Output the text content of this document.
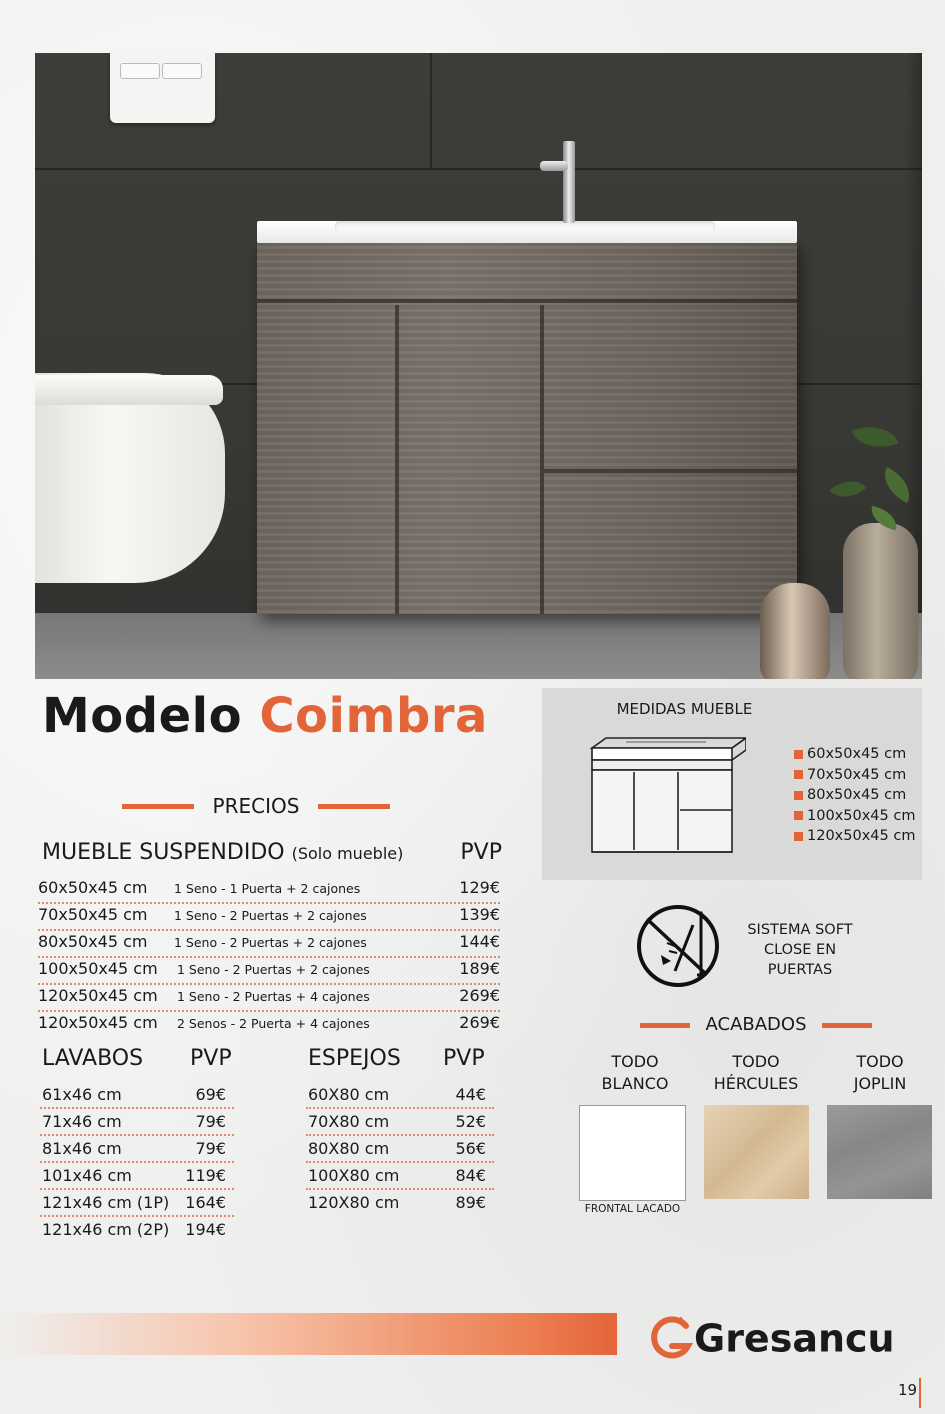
Modelo Coimbra
PRECIOS
MUEBLE SUSPENDIDO (Solo mueble)	PVP
60x50x45 cm 1 Seno - 1 Puerta + 2 cajones	129€
70x50x45 cm 1 Seno - 2 Puertas + 2 cajones	139€
80x50x45 cm 1 Seno - 2 Puertas + 2 cajones	144€
100x50x45 cm 1 Seno - 2 Puertas + 2 cajones	189€
120x50x45 cm 1 Seno - 2 Puertas + 4 cajones	269€
120x50x45 cm 2 Senos - 2 Puerta + 4 cajones	269€
LAVABOS PVP
61x46 cm	69€
71x46 cm	79€
81x46 cm	79€
101x46 cm	119€
121x46 cm (1P) 164€
121x46 cm (2P) 194€
ESPEJOS PVP
60X80 cm	44€
70X80 cm	52€
80X80 cm	56€
100X80 cm	84€
120X80 cm	89€
MEDIDAS MUEBLE
60x50x45 cm
70x50x45 cm
80x50x45 cm
100x50x45 cm
120x50x45 cm
SISTEMA SOFT
CLOSE EN
PUERTAS
ACABADOS
TODO
BLANCO
TODO
HÉRCULES
TODO
JOPLIN
FRONTAL LACADO
Gresancu
19
